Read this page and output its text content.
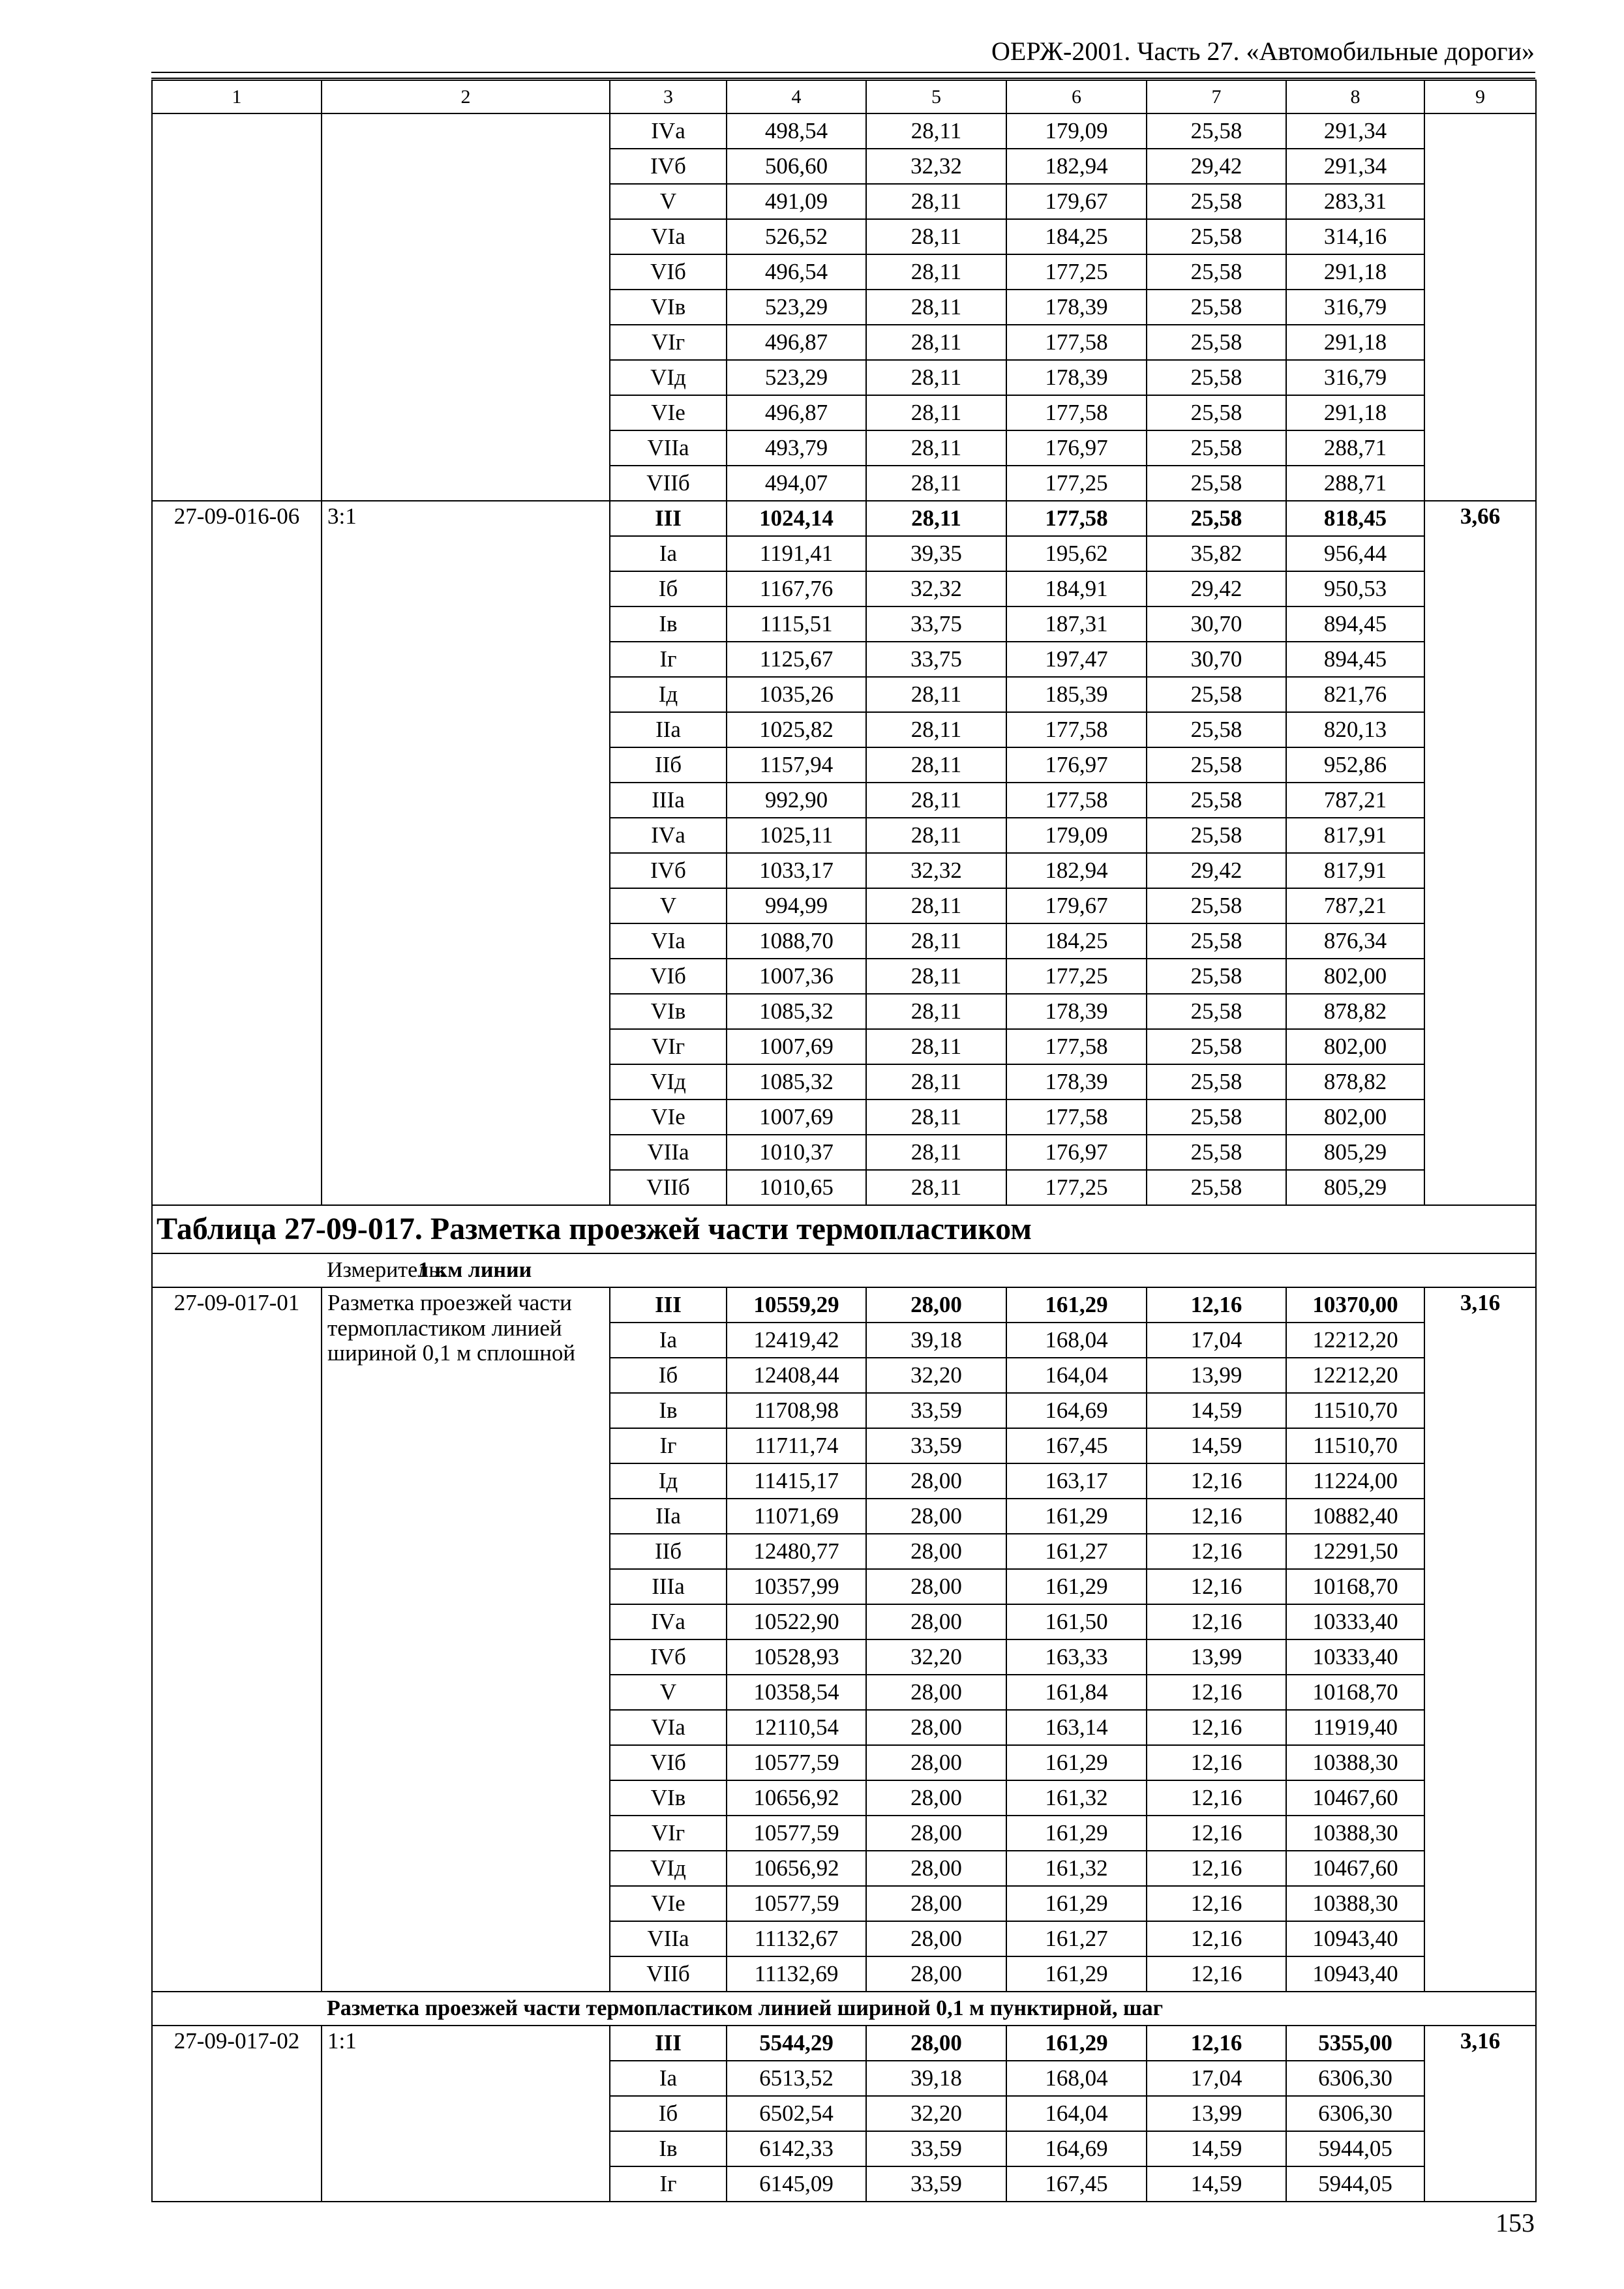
ОЕРЖ-2001. Часть 27. «Автомобильные дороги»
1	2	3	4	5	6	7	8	9
		IVа	498,54	28,11	179,09	25,58	291,34	
		IVб	506,60	32,32	182,94	29,42	291,34	
		V	491,09	28,11	179,67	25,58	283,31	
		VIа	526,52	28,11	184,25	25,58	314,16	
		VIб	496,54	28,11	177,25	25,58	291,18	
		VIв	523,29	28,11	178,39	25,58	316,79	
		VIг	496,87	28,11	177,58	25,58	291,18	
		VIд	523,29	28,11	178,39	25,58	316,79	
		VIе	496,87	28,11	177,58	25,58	291,18	
		VIIа	493,79	28,11	176,97	25,58	288,71	
		VIIб	494,07	28,11	177,25	25,58	288,71	
27-09-016-06	3:1	III	1024,14	28,11	177,58	25,58	818,45	3,66
		Iа	1191,41	39,35	195,62	35,82	956,44	
		Iб	1167,76	32,32	184,91	29,42	950,53	
		Iв	1115,51	33,75	187,31	30,70	894,45	
		Iг	1125,67	33,75	197,47	30,70	894,45	
		Iд	1035,26	28,11	185,39	25,58	821,76	
		IIа	1025,82	28,11	177,58	25,58	820,13	
		IIб	1157,94	28,11	176,97	25,58	952,86	
		IIIа	992,90	28,11	177,58	25,58	787,21	
		IVа	1025,11	28,11	179,09	25,58	817,91	
		IVб	1033,17	32,32	182,94	29,42	817,91	
		V	994,99	28,11	179,67	25,58	787,21	
		VIа	1088,70	28,11	184,25	25,58	876,34	
		VIб	1007,36	28,11	177,25	25,58	802,00	
		VIв	1085,32	28,11	178,39	25,58	878,82	
		VIг	1007,69	28,11	177,58	25,58	802,00	
		VIд	1085,32	28,11	178,39	25,58	878,82	
		VIе	1007,69	28,11	177,58	25,58	802,00	
		VIIа	1010,37	28,11	176,97	25,58	805,29	
		VIIб	1010,65	28,11	177,25	25,58	805,29	
Таблица 27-09-017. Разметка проезжей части термопластиком								
	Измеритель:	1 км линии						
27-09-017-01	Разметка проезжей части термопластиком линией шириной 0,1 м сплошной	III	10559,29	28,00	161,29	12,16	10370,00	3,16
		Iа	12419,42	39,18	168,04	17,04	12212,20	
		Iб	12408,44	32,20	164,04	13,99	12212,20	
		Iв	11708,98	33,59	164,69	14,59	11510,70	
		Iг	11711,74	33,59	167,45	14,59	11510,70	
		Iд	11415,17	28,00	163,17	12,16	11224,00	
		IIа	11071,69	28,00	161,29	12,16	10882,40	
		IIб	12480,77	28,00	161,27	12,16	12291,50	
		IIIа	10357,99	28,00	161,29	12,16	10168,70	
		IVа	10522,90	28,00	161,50	12,16	10333,40	
		IVб	10528,93	32,20	163,33	13,99	10333,40	
		V	10358,54	28,00	161,84	12,16	10168,70	
		VIа	12110,54	28,00	163,14	12,16	11919,40	
		VIб	10577,59	28,00	161,29	12,16	10388,30	
		VIв	10656,92	28,00	161,32	12,16	10467,60	
		VIг	10577,59	28,00	161,29	12,16	10388,30	
		VIд	10656,92	28,00	161,32	12,16	10467,60	
		VIе	10577,59	28,00	161,29	12,16	10388,30	
		VIIа	11132,67	28,00	161,27	12,16	10943,40	
		VIIб	11132,69	28,00	161,29	12,16	10943,40	
	Разметка проезжей части термопластиком линией шириной 0,1 м пунктирной, шаг							
27-09-017-02	1:1	III	5544,29	28,00	161,29	12,16	5355,00	3,16
		Iа	6513,52	39,18	168,04	17,04	6306,30	
		Iб	6502,54	32,20	164,04	13,99	6306,30	
		Iв	6142,33	33,59	164,69	14,59	5944,05	
		Iг	6145,09	33,59	167,45	14,59	5944,05	
153
